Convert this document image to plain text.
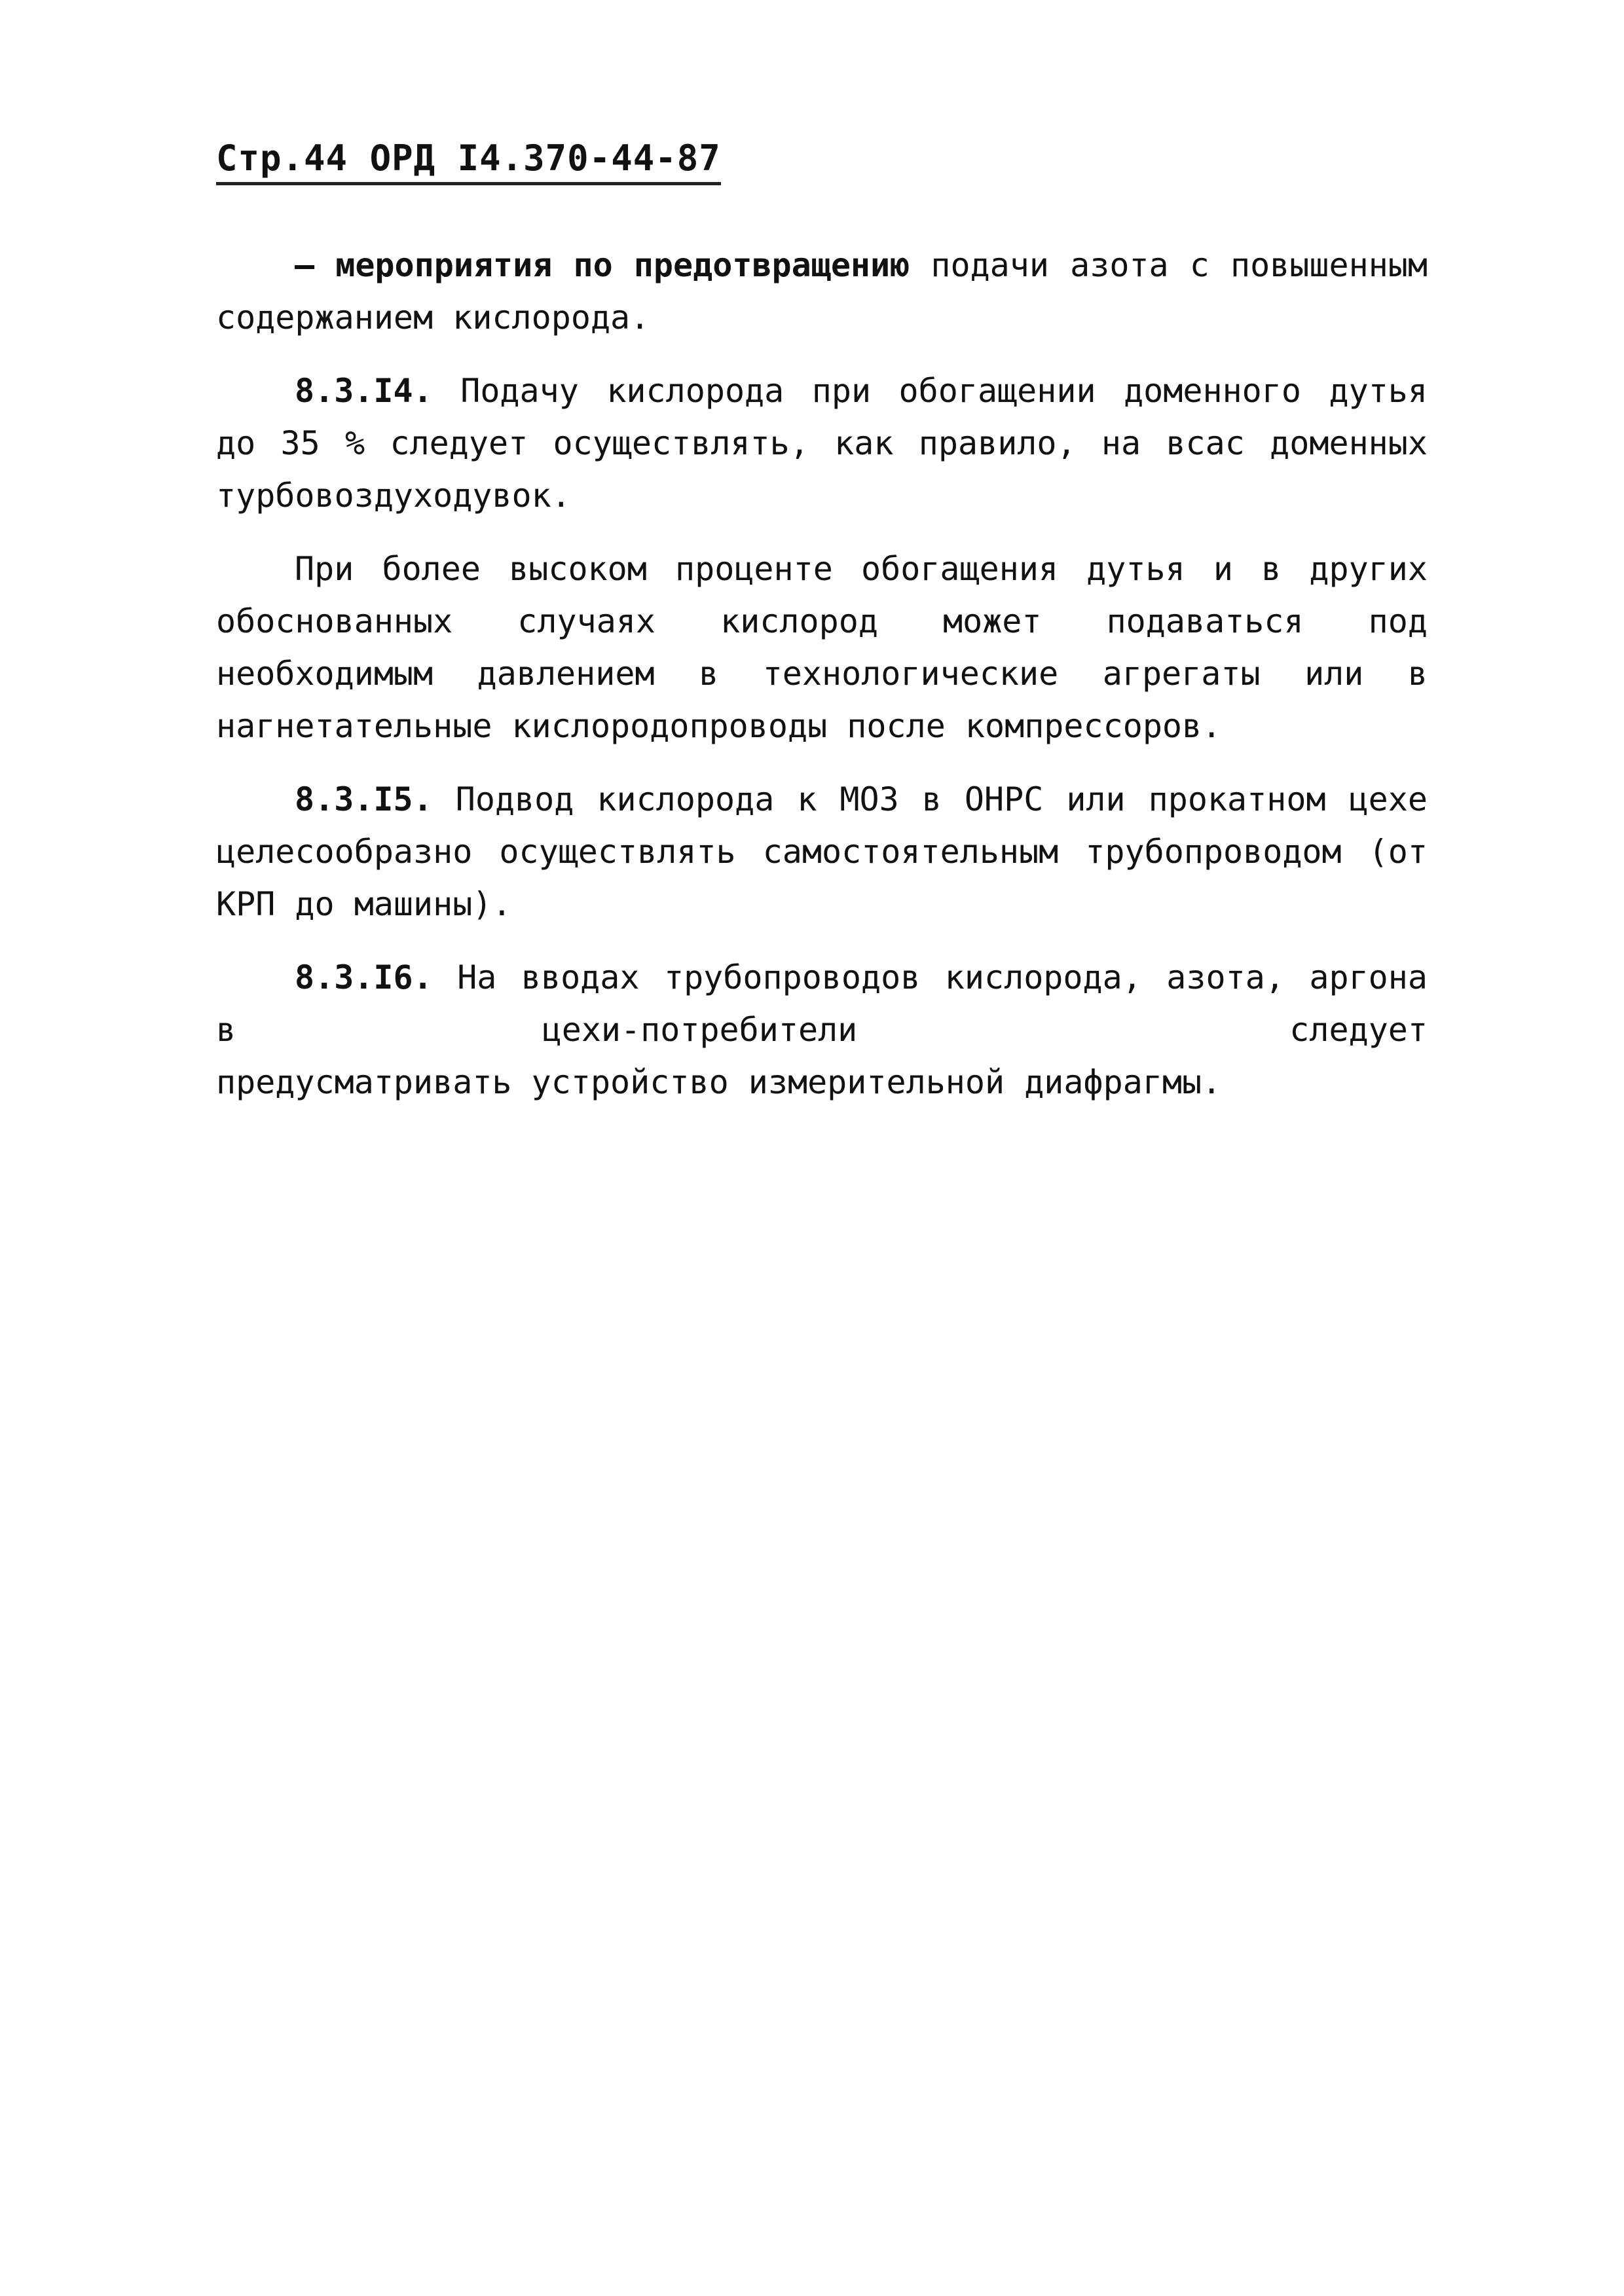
Стр.44 ОРД I4.370-44-87

– мероприятия по предотвращению подачи азота с повышенным содержанием кислорода.

8.3.I4. Подачу кислорода при обогащении доменного дутья до 35 % следует осуществлять, как правило, на всас доменных турбовоздуходувок.

При более высоком проценте обогащения дутья и в других обоснованных случаях кислород может подаваться под необходимым давлением в технологические агрегаты или в нагнетательные кислородопроводы после компрессоров.

8.3.I5. Подвод кислорода к МОЗ в ОНРС или прокатном цехе целесообразно осуществлять самостоятельным трубопроводом (от КРП до машины).

8.3.I6. На вводах трубопроводов кислорода, азота, аргона в цехи-потребители	следует предусматривать устройство измерительной диафрагмы.
